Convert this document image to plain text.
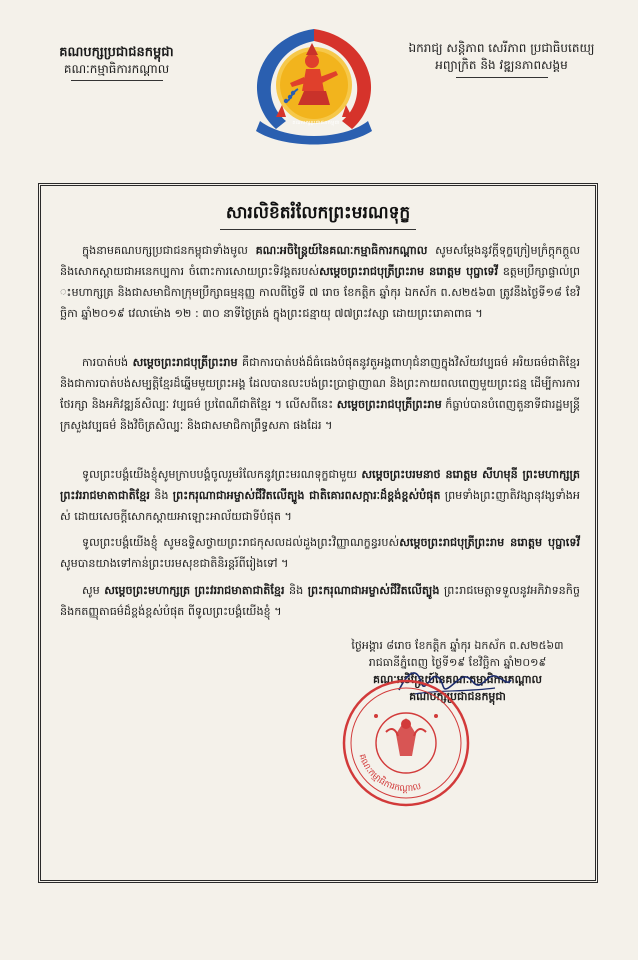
គណបក្សប្រជាជនកម្ពុជា
គណៈកម្មាធិការកណ្តាល
គណបក្សប្រជាជនកម្ពុជា
ឯករាជ្យ សន្តិភាព សេរីភាព ប្រជាធិបតេយ្យ
អព្យាក្រិត និង វឌ្ឍនភាពសង្គម
សារលិខិតរំលែកព្រះមរណទុក្ខ
ក្នុងនាមគណបក្សប្រជាជនកម្ពុជាទាំងមូល គណៈអចិន្ត្រៃយ៍នៃគណៈកម្មាធិការកណ្តាល សូមសម្តែងនូវក្តីទុក្ខក្រៀមក្រំក្តុកក្តួល និងសោកស្តាយជាអនេកប្បការ ចំពោះការសោយព្រះទិវង្គតរបស់សម្តេចព្រះរាជបុត្រីព្រះរាម នរោត្តម បុប្ផាទេវី ឧត្តមប្រឹក្សាផ្ទាល់ព្រះមហាក្សត្រ និងជាសមាជិកាក្រុមប្រឹក្សាធម្មនុញ្ញ កាលពីថ្ងៃទី ៧ រោច ខែកត្តិក ឆ្នាំកុរ ឯកស័ក ព.ស២៥៦៣ ត្រូវនឹងថ្ងៃទី១៨ ខែវិច្ឆិកា ឆ្នាំ២០១៩ វេលាម៉ោង ១២ : ៣០ នាទីថ្ងៃត្រង់ ក្នុងព្រះជន្មាយុ ៧៧ព្រះវស្សា ដោយព្រះរោគាពាធ ។
ការបាត់បង់ សម្តេចព្រះរាជបុត្រីព្រះរាម គឺជាការបាត់បង់ដ៏ធំធេងបំផុតនូវតួអង្គពាហុជំនាញក្នុងវិស័យវប្បធម៌ អរិយធម៌ជាតិខ្មែរ និងជាការបាត់បង់សម្បត្តិខ្មែរដ៏ឆ្នើមមួយព្រះអង្គ ដែលបានលះបង់ព្រះប្រាជ្ញាញាណ និងព្រះកាយពលពេញមួយព្រះជន្ម ដើម្បីការការ ថែរក្សា និងអភិវឌ្ឍន៍សិល្បៈ វប្បធម៌ ប្រពៃណីជាតិខ្មែរ ។ លើសពីនេះ សម្តេចព្រះរាជបុត្រីព្រះរាម ក៏ធ្លាប់បានបំពេញតួនាទីជារដ្ឋមន្ត្រីក្រសួងវប្បធម៌ និងវិចិត្រសិល្បៈ និងជាសមាជិកាព្រឹទ្ធសភា ផងដែរ ។
ទូលព្រះបង្គំយើងខ្ញុំសូមក្រាបបង្គំចូលរួមរំលែកនូវព្រះមរណទុក្ខជាមួយ សម្តេចព្រះបរមនាថ នរោត្តម សីហមុនី ព្រះមហាក្សត្រ ព្រះវររាជមាតាជាតិខ្មែរ និង ព្រះករុណាជាអម្ចាស់ជីវិតលើត្បូង ជាតិគោរពសក្ការៈដ៏ខ្ពង់ខ្ពស់បំផុត ព្រមទាំងព្រះញាតិវង្សានុវង្សទាំងអស់ ដោយសេចក្តីសោកស្តាយអាឡោះអាល័យជាទីបំផុត ។
ទូលព្រះបង្គំយើងខ្ញុំ សូមឧទ្ទិសថ្វាយព្រះរាជកុសលដល់ដួងព្រះវិញ្ញាណក្ខន្ធរបស់សម្តេចព្រះរាជបុត្រីព្រះរាម នរោត្តម បុប្ផាទេវី សូមបានយាងទៅកាន់ព្រះបរមសុខជាតិនិរន្តរ៍ពីរៀងទៅ ។
សូម សម្តេចព្រះមហាក្សត្រ ព្រះវររាជមាតាជាតិខ្មែរ និង ព្រះករុណាជាអម្ចាស់ជីវិតលើត្បូង ព្រះរាជមេត្តាទទួលនូវអភិវាទនកិច្ចនិងកតញ្ញុតាធម៌ដ៏ខ្ពង់ខ្ពស់បំផុត ពីទូលព្រះបង្គំយើងខ្ញុំ ។
ថ្ងៃអង្គារ ៨រោច ខែកត្តិក ឆ្នាំកុរ ឯកស័ក ព.ស២៥៦៣
រាជធានីភ្នំពេញ ថ្ងៃទី១៩ ខែវិច្ឆិកា ឆ្នាំ២០១៩
គណៈអចិន្ត្រៃយ៍នៃគណៈកម្មាធិការកណ្តាល
គណបក្សប្រជាជនកម្ពុជា
គណៈកម្មាធិការកណ្តាល
